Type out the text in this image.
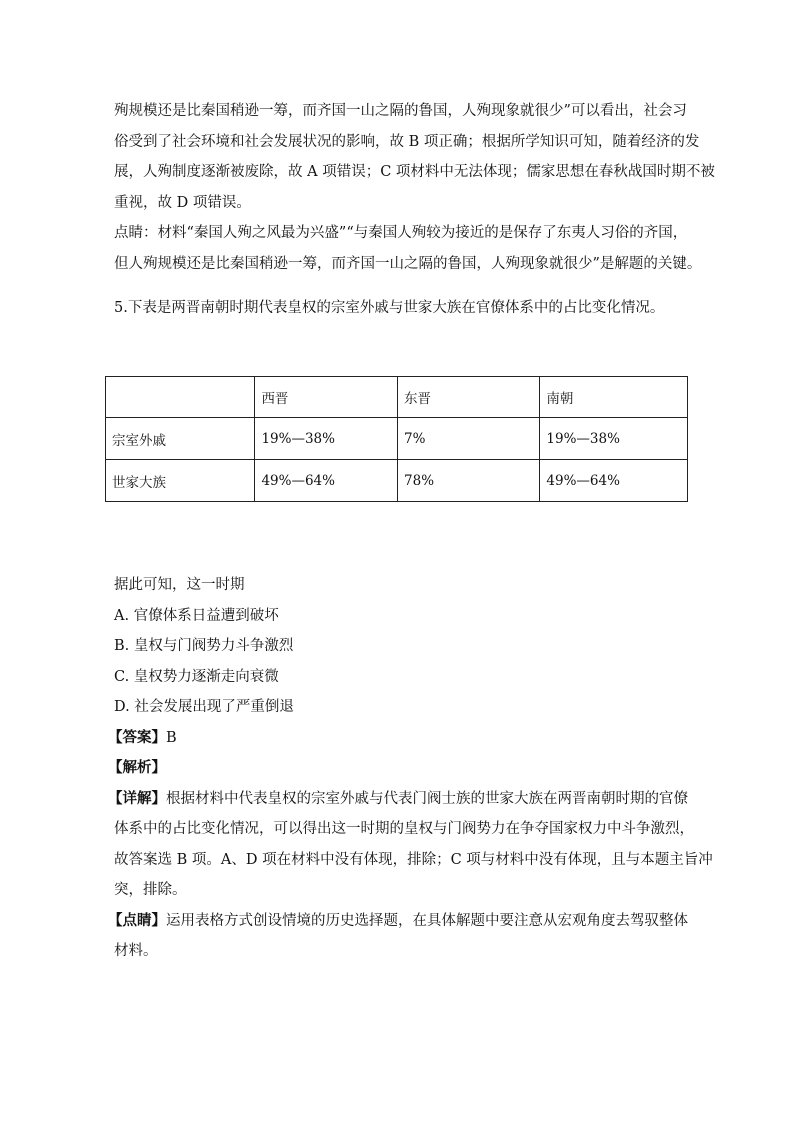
殉规模还是比秦国稍逊一筹，而齐国一山之隔的鲁国，人殉现象就很少”可以看出，社会习

俗受到了社会环境和社会发展状况的影响，故 B 项正确；根据所学知识可知，随着经济的发

展，人殉制度逐渐被废除，故 A 项错误；C 项材料中无法体现；儒家思想在春秋战国时期不被

重视，故 D 项错误。

点睛：材料“秦国人殉之风最为兴盛”“与秦国人殉较为接近的是保存了东夷人习俗的齐国，

但人殉规模还是比秦国稍逊一筹，而齐国一山之隔的鲁国，人殉现象就很少”是解题的关键。

5.下表是两晋南朝时期代表皇权的宗室外戚与世家大族在官僚体系中的占比变化情况。

	西晋	东晋	南朝
宗室外戚	19%—38%	7%	19%—38%
世家大族	49%—64%	78%	49%—64%

据此可知，这一时期

A. 官僚体系日益遭到破坏

B. 皇权与门阀势力斗争激烈

C. 皇权势力逐渐走向衰微

D. 社会发展出现了严重倒退

【答案】B

【解析】

【详解】根据材料中代表皇权的宗室外戚与代表门阀士族的世家大族在两晋南朝时期的官僚

体系中的占比变化情况，可以得出这一时期的皇权与门阀势力在争夺国家权力中斗争激烈，

故答案选 B 项。A、D 项在材料中没有体现，排除；C 项与材料中没有体现，且与本题主旨冲

突，排除。

【点睛】运用表格方式创设情境的历史选择题，在具体解题中要注意从宏观角度去驾驭整体

材料。
